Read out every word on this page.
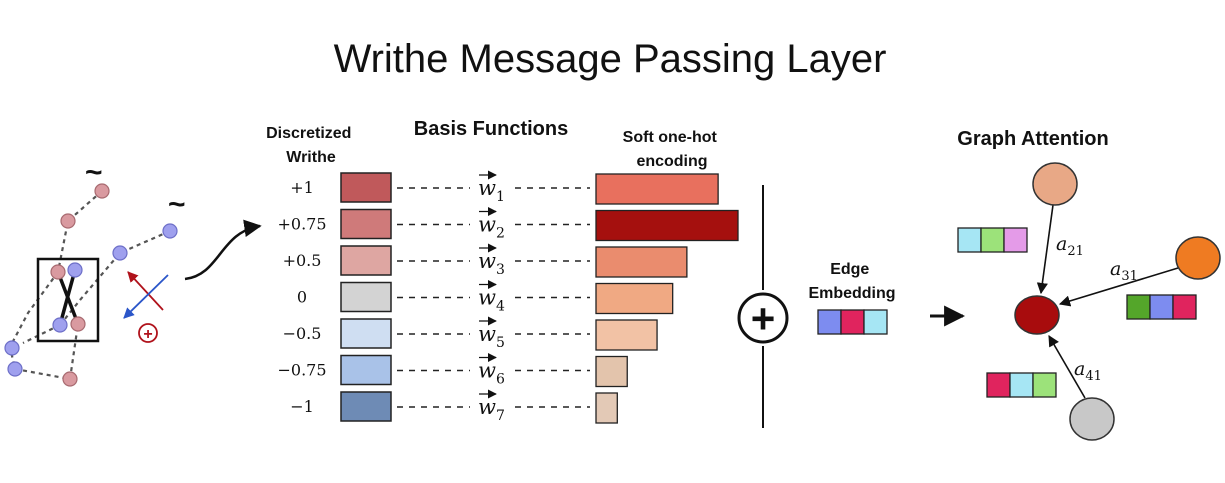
Writhe Message Passing Layer
~
~
+
Discretized Writhe
Basis Functions	Soft one-hot encoding
+1	$w_1$
+0.75	$w_2$
+0.5	$w_3$
0	$w_4$
−0.5	$w_5$
−0.75	$w_6$
−1	$w_7$
+
Edge Embedding
Graph Attention
$a_{21}$
$a_{31}$
$a_{41}$
